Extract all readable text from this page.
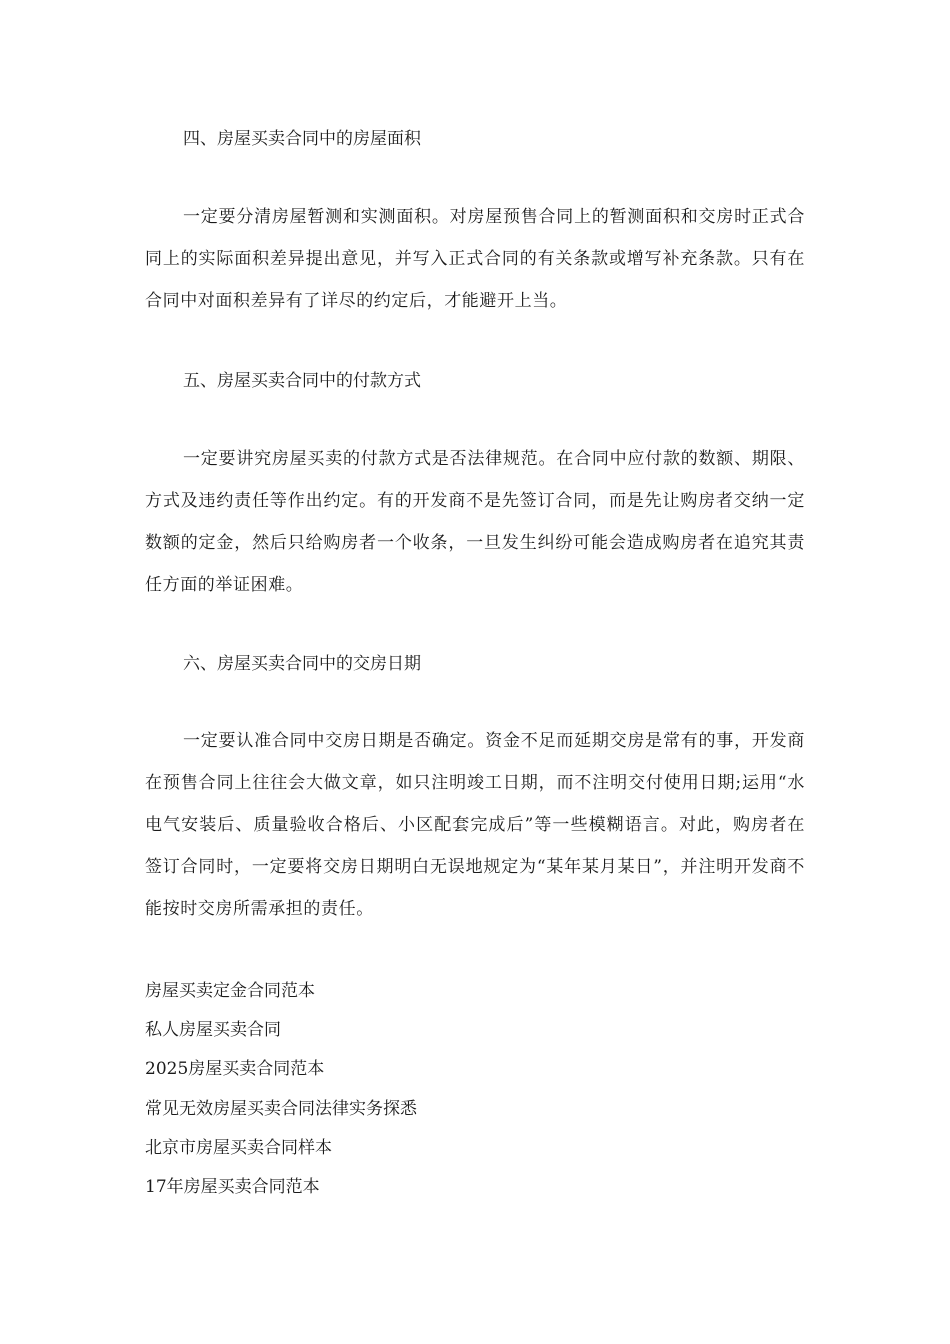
四、房屋买卖合同中的房屋面积
一定要分清房屋暂测和实测面积。对房屋预售合同上的暂测面积和交房时正式合同上的实际面积差异提出意见，并写入正式合同的有关条款或增写补充条款。只有在合同中对面积差异有了详尽的约定后，才能避开上当。
五、房屋买卖合同中的付款方式
一定要讲究房屋买卖的付款方式是否法律规范。在合同中应付款的数额、期限、方式及违约责任等作出约定。有的开发商不是先签订合同，而是先让购房者交纳一定数额的定金，然后只给购房者一个收条，一旦发生纠纷可能会造成购房者在追究其责任方面的举证困难。
六、房屋买卖合同中的交房日期
一定要认准合同中交房日期是否确定。资金不足而延期交房是常有的事，开发商在预售合同上往往会大做文章，如只注明竣工日期，而不注明交付使用日期;运用“水电气安装后、质量验收合格后、小区配套完成后”等一些模糊语言。对此，购房者在签订合同时，一定要将交房日期明白无误地规定为“某年某月某日”，并注明开发商不能按时交房所需承担的责任。
房屋买卖定金合同范本
私人房屋买卖合同
2025房屋买卖合同范本
常见无效房屋买卖合同法律实务探悉
北京市房屋买卖合同样本
17年房屋买卖合同范本
